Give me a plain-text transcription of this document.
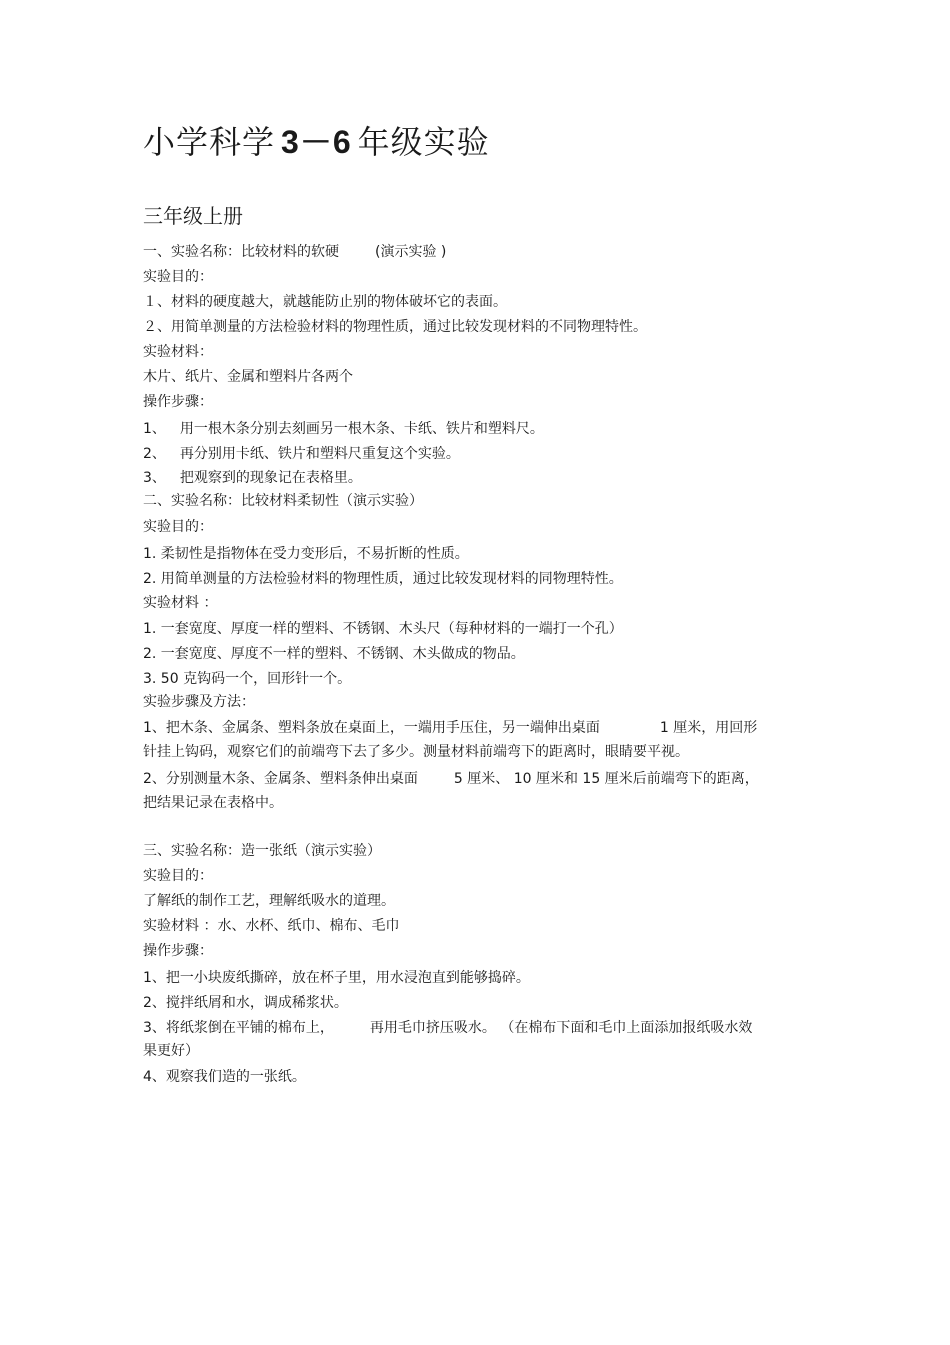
小学科学 3－6 年级实验
三年级上册
一、实验名称：比较材料的软硬	(演示实验 )
实验目的：
１、材料的硬度越大，就越能防止别的物体破坏它的表面。
２、用简单测量的方法检验材料的物理性质，通过比较发现材料的不同物理特性。
实验材料：
木片、纸片、金属和塑料片各两个
操作步骤：
1、 用一根木条分别去刻画另一根木条、卡纸、铁片和塑料尺。
2、 再分别用卡纸、铁片和塑料尺重复这个实验。
3、 把观察到的现象记在表格里。
二、实验名称：比较材料柔韧性（演示实验）
实验目的：
1. 柔韧性是指物体在受力变形后，不易折断的性质。
2. 用简单测量的方法检验材料的物理性质，通过比较发现材料的同物理特性。
实验材料 ：
1. 一套宽度、厚度一样的塑料、不锈钢、木头尺（每种材料的一端打一个孔）
2. 一套宽度、厚度不一样的塑料、不锈钢、木头做成的物品。
3. 50 克钩码一个，回形针一个。
实验步骤及方法：
1、把木条、金属条、塑料条放在桌面上，一端用手压住，另一端伸出桌面	1 厘米，用回形
针挂上钩码，观察它们的前端弯下去了多少。测量材料前端弯下的距离时，眼睛要平视。
2、分别测量木条、金属条、塑料条伸出桌面	5 厘米、 10 厘米和 15 厘米后前端弯下的距离，
把结果记录在表格中。
三、实验名称：造一张纸（演示实验）
实验目的：
了解纸的制作工艺，理解纸吸水的道理。
实验材料 ：水、水杯、纸巾、棉布、毛巾
操作步骤：
1、把一小块废纸撕碎，放在杯子里，用水浸泡直到能够捣碎。
2、搅拌纸屑和水，调成稀浆状。
3、将纸浆倒在平铺的棉布上，	再用毛巾挤压吸水。 （在棉布下面和毛巾上面添加报纸吸水效
果更好）
4、观察我们造的一张纸。
